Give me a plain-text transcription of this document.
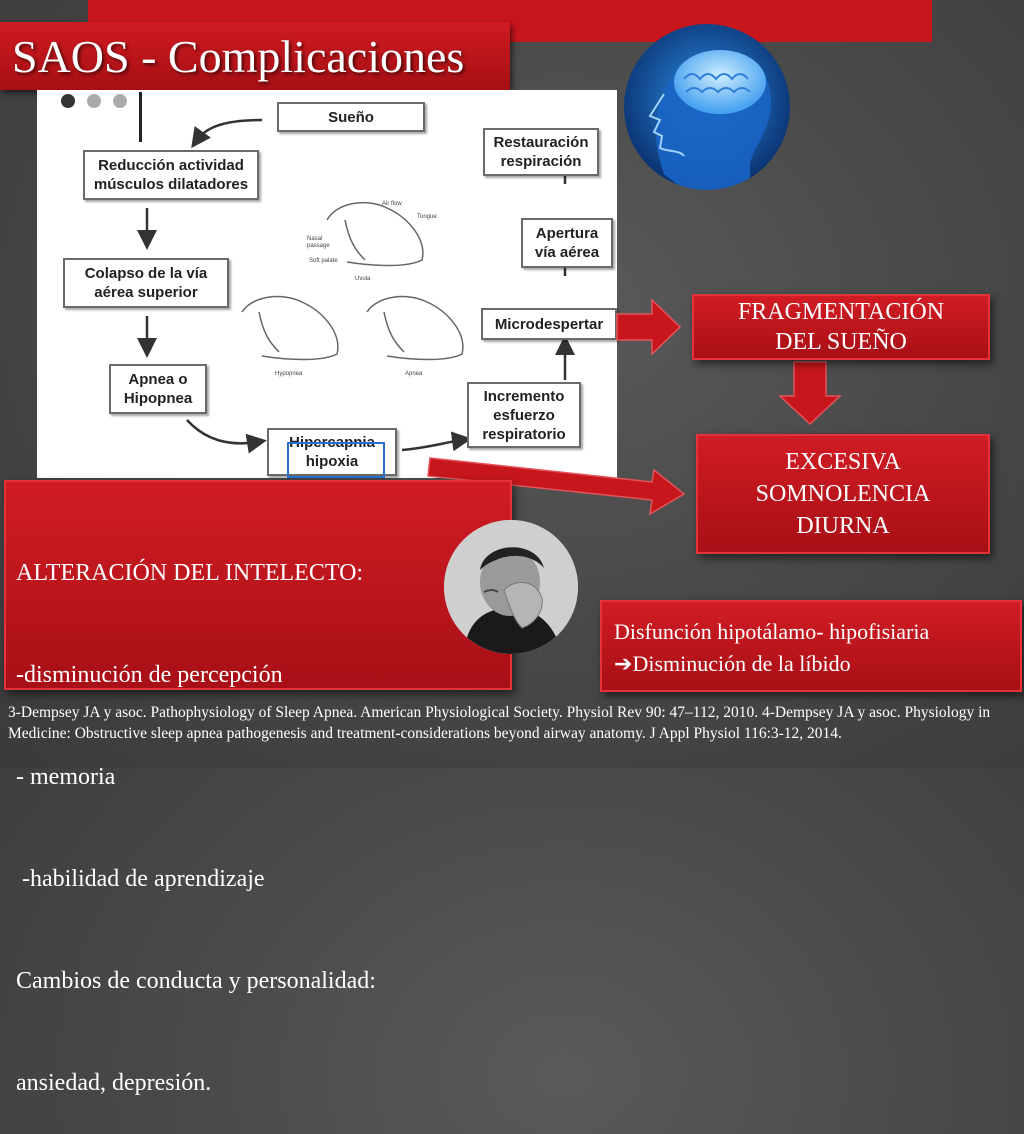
SAOS - Complicaciones
Air flow
Tongue
Nasal
passage
Soft palate
Uvula
Hypopnea	Apnea
Sueño
Restauración
respiración
Reducción actividad
músculos dilatadores
Apertura
vía aérea
Colapso de la vía
aérea superior
Microdespertar
Apnea o
Hipopnea	Incremento
esfuerzo
respiratorio
Hipercapnia
hipoxia
FRAGMENTACIÓN
DEL SUEÑO
EXCESIVA
SOMNOLENCIA
DIURNA

ALTERACIÓN DEL INTELECTO:

-disminución de percepción

- memoria

-habilidad de aprendizaje

Cambios de conducta y personalidad:

ansiedad, depresión.

Disfunción hipotálamo- hipofisiaria
➔Disminución de la líbido
3-Dempsey JA y asoc. Pathophysiology of Sleep Apnea. American Physiological Society. Physiol Rev 90: 47–112, 2010. 4-Dempsey JA y asoc. Physiology in Medicine: Obstructive sleep apnea pathogenesis and treatment-considerations beyond airway anatomy. J Appl Physiol 116:3-12, 2014.
